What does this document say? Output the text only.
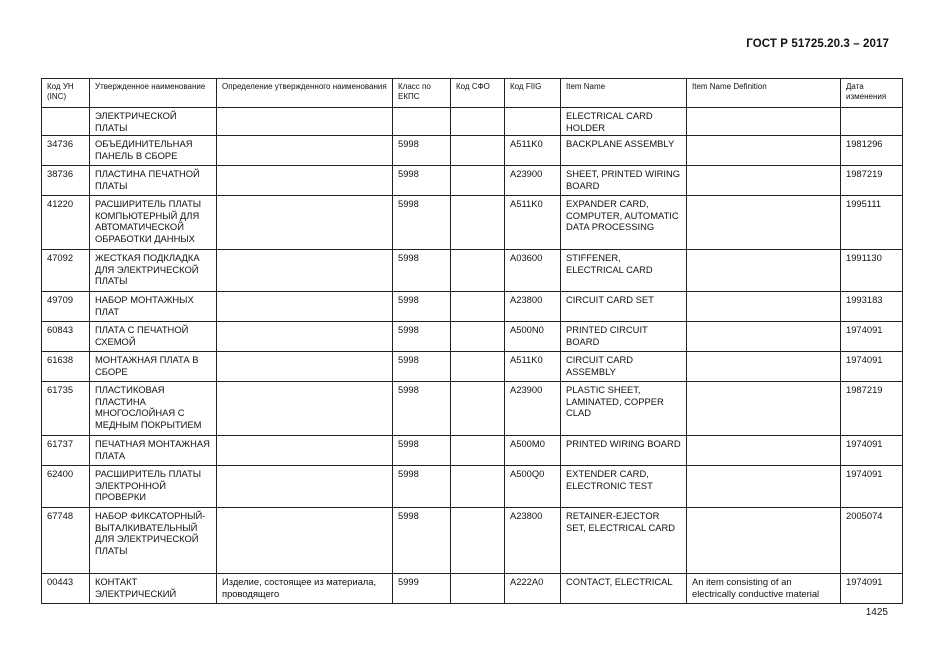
ГОСТ Р 51725.20.3 – 2017
Код УН (INC)	Утвержденное наименование	Определение утвержденного наименования	Класс по ЕКПС	Код СФО	Код FIIG	Item Name	Item Name Definition	Дата изменения
	ЭЛЕКТРИЧЕСКОЙ ПЛАТЫ					ELECTRICAL CARD HOLDER		
34736	ОБЪЕДИНИТЕЛЬНАЯ ПАНЕЛЬ В СБОРЕ		5998		A511K0	BACKPLANE ASSEMBLY		1981296
38736	ПЛАСТИНА ПЕЧАТНОЙ ПЛАТЫ		5998		A23900	SHEET, PRINTED WIRING BOARD		1987219
41220	РАСШИРИТЕЛЬ ПЛАТЫ КОМПЬЮТЕРНЫЙ ДЛЯ АВТОМАТИЧЕСКОЙ ОБРАБОТКИ ДАННЫХ		5998		A511K0	EXPANDER CARD, COMPUTER, AUTOMATIC DATA PROCESSING		1995111
47092	ЖЕСТКАЯ ПОДКЛАДКА ДЛЯ ЭЛЕКТРИЧЕСКОЙ ПЛАТЫ		5998		A03600	STIFFENER, ELECTRICAL CARD		1991130
49709	НАБОР МОНТАЖНЫХ ПЛАТ		5998		A23800	CIRCUIT CARD SET		1993183
60843	ПЛАТА С ПЕЧАТНОЙ СХЕМОЙ		5998		A500N0	PRINTED CIRCUIT BOARD		1974091
61638	МОНТАЖНАЯ ПЛАТА В СБОРЕ		5998		A511K0	CIRCUIT CARD ASSEMBLY		1974091
61735	ПЛАСТИКОВАЯ ПЛАСТИНА МНОГОСЛОЙНАЯ С МЕДНЫМ ПОКРЫТИЕМ		5998		A23900	PLASTIC SHEET, LAMINATED, COPPER CLAD		1987219
61737	ПЕЧАТНАЯ МОНТАЖНАЯ ПЛАТА		5998		A500M0	PRINTED WIRING BOARD		1974091
62400	РАСШИРИТЕЛЬ ПЛАТЫ ЭЛЕКТРОННОЙ ПРОВЕРКИ		5998		A500Q0	EXTENDER CARD, ELECTRONIC TEST		1974091
67748	НАБОР ФИКСАТОРНЫЙ-ВЫТАЛКИВАТЕЛЬНЫЙ ДЛЯ ЭЛЕКТРИЧЕСКОЙ ПЛАТЫ		5998		A23800	RETAINER-EJECTOR SET, ELECTRICAL CARD		2005074
00443	КОНТАКТ ЭЛЕКТРИЧЕСКИЙ	Изделие, состоящее из материала, проводящего	5999		A222A0	CONTACT, ELECTRICAL	An item consisting of an electrically conductive material	1974091
1425
